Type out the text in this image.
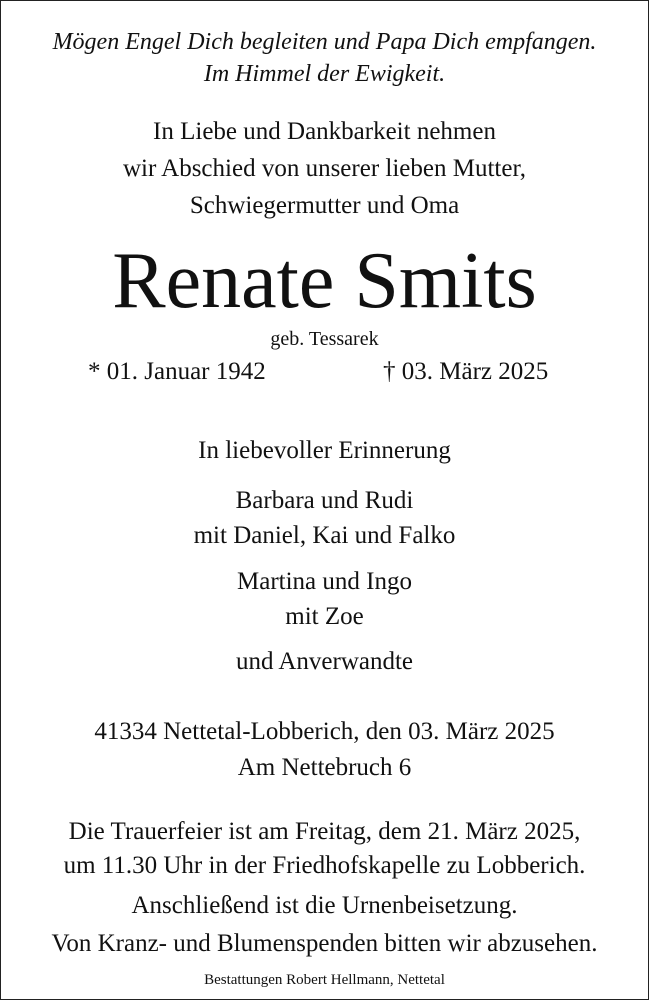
Mögen Engel Dich begleiten und Papa Dich empfangen.
Im Himmel der Ewigkeit.
In Liebe und Dankbarkeit nehmen
wir Abschied von unserer lieben Mutter,
Schwiegermutter und Oma
Renate Smits
geb. Tessarek
* 01. Januar 1942	† 03. März 2025
In liebevoller Erinnerung
Barbara und Rudi
mit Daniel, Kai und Falko
Martina und Ingo
mit Zoe
und Anverwandte
41334 Nettetal-Lobberich, den 03. März 2025
Am Nettebruch 6
Die Trauerfeier ist am Freitag, dem 21. März 2025,
um 11.30 Uhr in der Friedhofskapelle zu Lobberich.
Anschließend ist die Urnenbeisetzung.
Von Kranz- und Blumenspenden bitten wir abzusehen.
Bestattungen Robert Hellmann, Nettetal
